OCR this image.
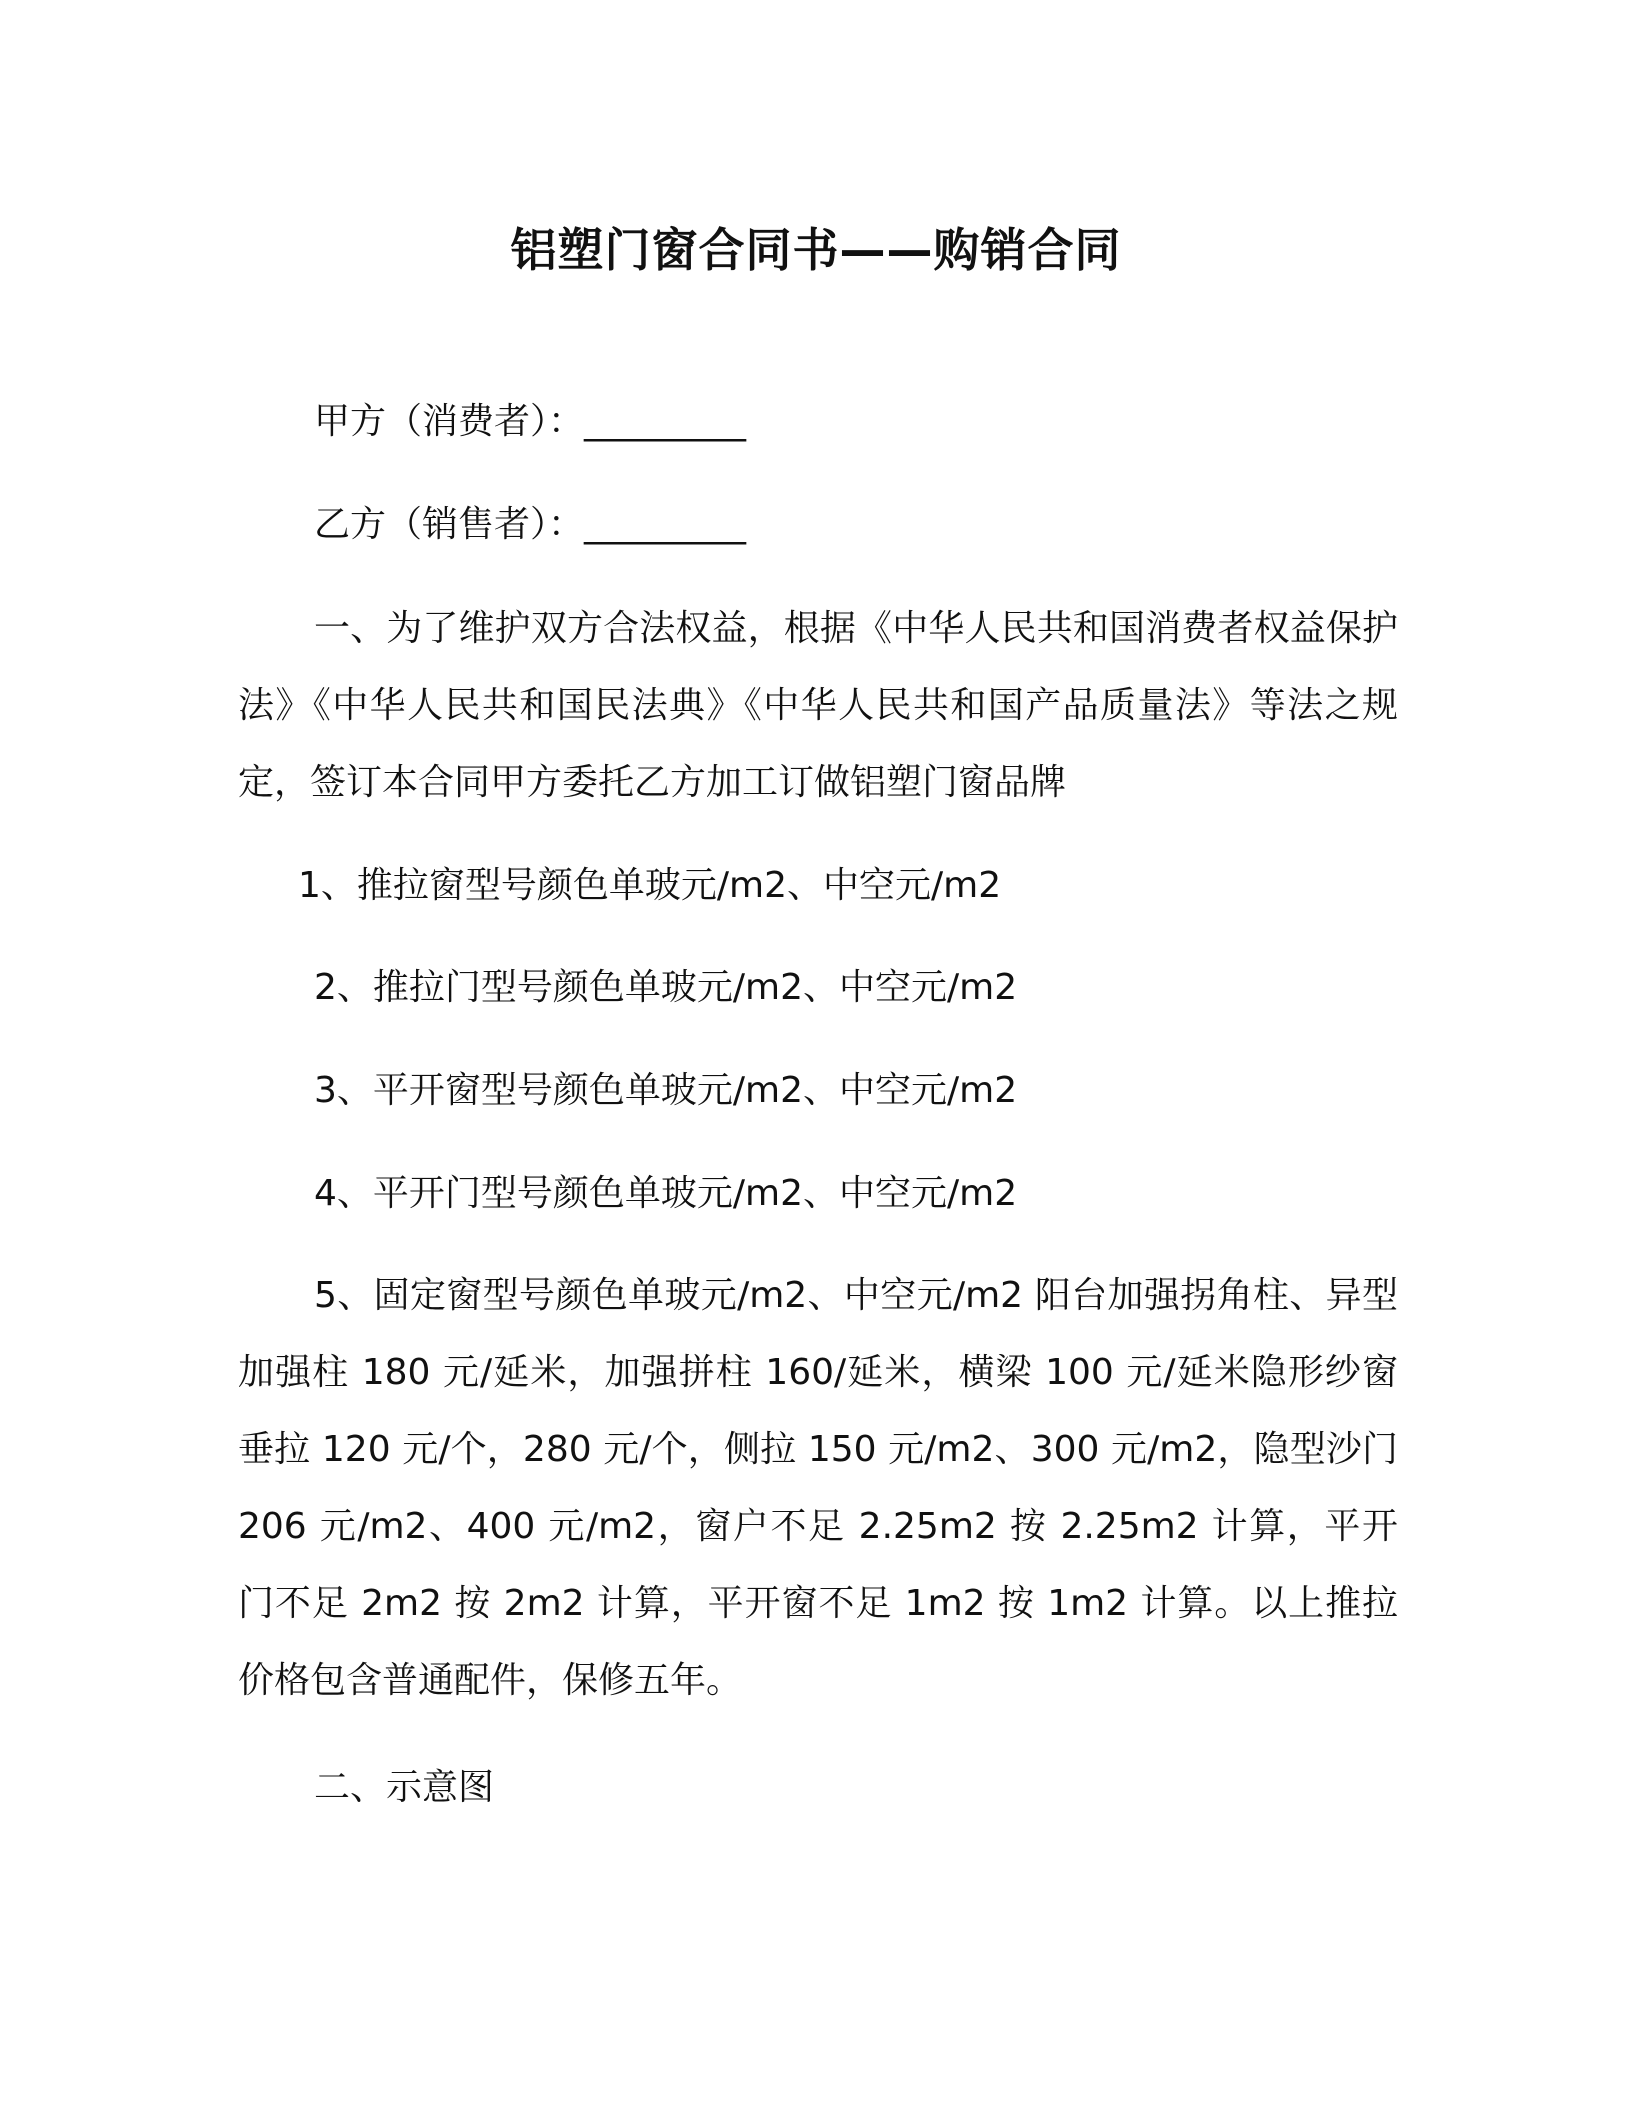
铝塑门窗合同书——购销合同
甲方（消费者）：_________
乙方（销售者）：_________
一、为了维护双方合法权益，根据《中华人民共和国消费者权益保护法》《中华人民共和国民法典》《中华人民共和国产品质量法》等法之规定，签订本合同甲方委托乙方加工订做铝塑门窗品牌
1、推拉窗型号颜色单玻元/m2、中空元/m2
2、推拉门型号颜色单玻元/m2、中空元/m2
3、平开窗型号颜色单玻元/m2、中空元/m2
4、平开门型号颜色单玻元/m2、中空元/m2
5、固定窗型号颜色单玻元/m2、中空元/m2 阳台加强拐角柱、异型加强柱 180 元/延米，加强拼柱 160/延米，横梁 100 元/延米隐形纱窗垂拉 120 元/个，280 元/个，侧拉 150 元/m2、300 元/m2，隐型沙门 206 元/m2、400 元/m2，窗户不足 2.25m2 按 2.25m2 计算，平开门不足 2m2 按 2m2 计算，平开窗不足 1m2 按 1m2 计算。以上推拉价格包含普通配件，保修五年。
二、示意图
